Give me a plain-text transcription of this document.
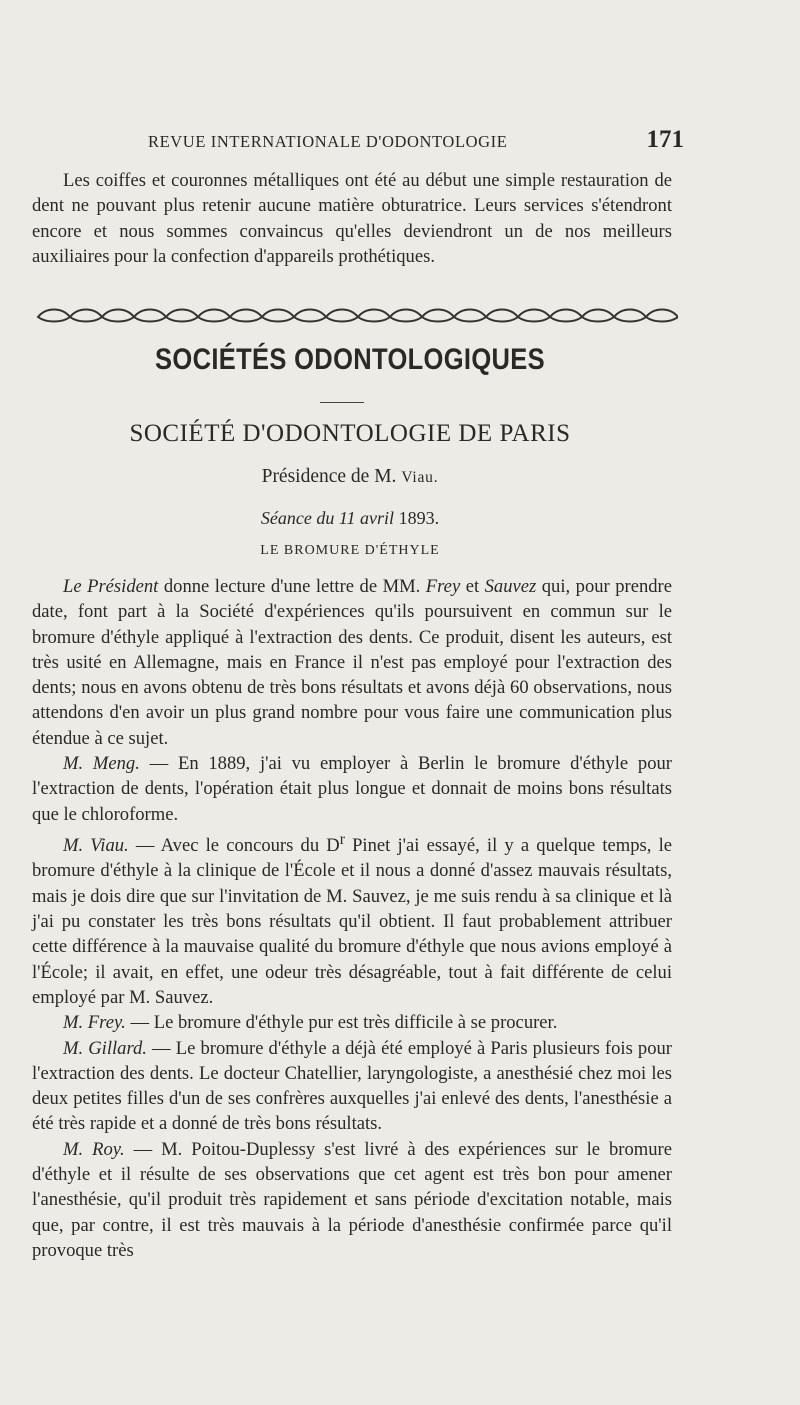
REVUE INTERNATIONALE D'ODONTOLOGIE	171

Les coiffes et couronnes métalliques ont été au début une simple restauration de dent ne pouvant plus retenir aucune matière obturatrice. Leurs services s'étendront encore et nous sommes convaincus qu'elles deviendront un de nos meilleurs auxiliaires pour la confection d'appareils prothétiques.

SOCIÉTÉS ODONTOLOGIQUES
SOCIÉTÉ D'ODONTOLOGIE DE PARIS
Présidence de M. Viau.
Séance du 11 avril 1893.
LE BROMURE D'ÉTHYLE

Le Président donne lecture d'une lettre de MM. Frey et Sauvez qui, pour prendre date, font part à la Société d'expériences qu'ils poursuivent en commun sur le bromure d'éthyle appliqué à l'extraction des dents. Ce produit, disent les auteurs, est très usité en Allemagne, mais en France il n'est pas employé pour l'extraction des dents; nous en avons obtenu de très bons résultats et avons déjà 60 observations, nous attendons d'en avoir un plus grand nombre pour vous faire une communication plus étendue à ce sujet.

M. Meng. — En 1889, j'ai vu employer à Berlin le bromure d'éthyle pour l'extraction de dents, l'opération était plus longue et donnait de moins bons résultats que le chloroforme.

M. Viau. — Avec le concours du $D^r$ Pinet j'ai essayé, il y a quelque temps, le bromure d'éthyle à la clinique de l'École et il nous a donné d'assez mauvais résultats, mais je dois dire que sur l'invitation de M. Sauvez, je me suis rendu à sa clinique et là j'ai pu constater les très bons résultats qu'il obtient. Il faut probablement attribuer cette différence à la mauvaise qualité du bromure d'éthyle que nous avions employé à l'École; il avait, en effet, une odeur très désagréable, tout à fait différente de celui employé par M. Sauvez.

M. Frey. — Le bromure d'éthyle pur est très difficile à se procurer.

M. Gillard. — Le bromure d'éthyle a déjà été employé à Paris plusieurs fois pour l'extraction des dents. Le docteur Chatellier, laryngologiste, a anesthésié chez moi les deux petites filles d'un de ses confrères auxquelles j'ai enlevé des dents, l'anesthésie a été très rapide et a donné de très bons résultats.

M. Roy. — M. Poitou-Duplessy s'est livré à des expériences sur le bromure d'éthyle et il résulte de ses observations que cet agent est très bon pour amener l'anesthésie, qu'il produit très rapidement et sans période d'excitation notable, mais que, par contre, il est très mauvais à la période d'anesthésie confirmée parce qu'il provoque très
